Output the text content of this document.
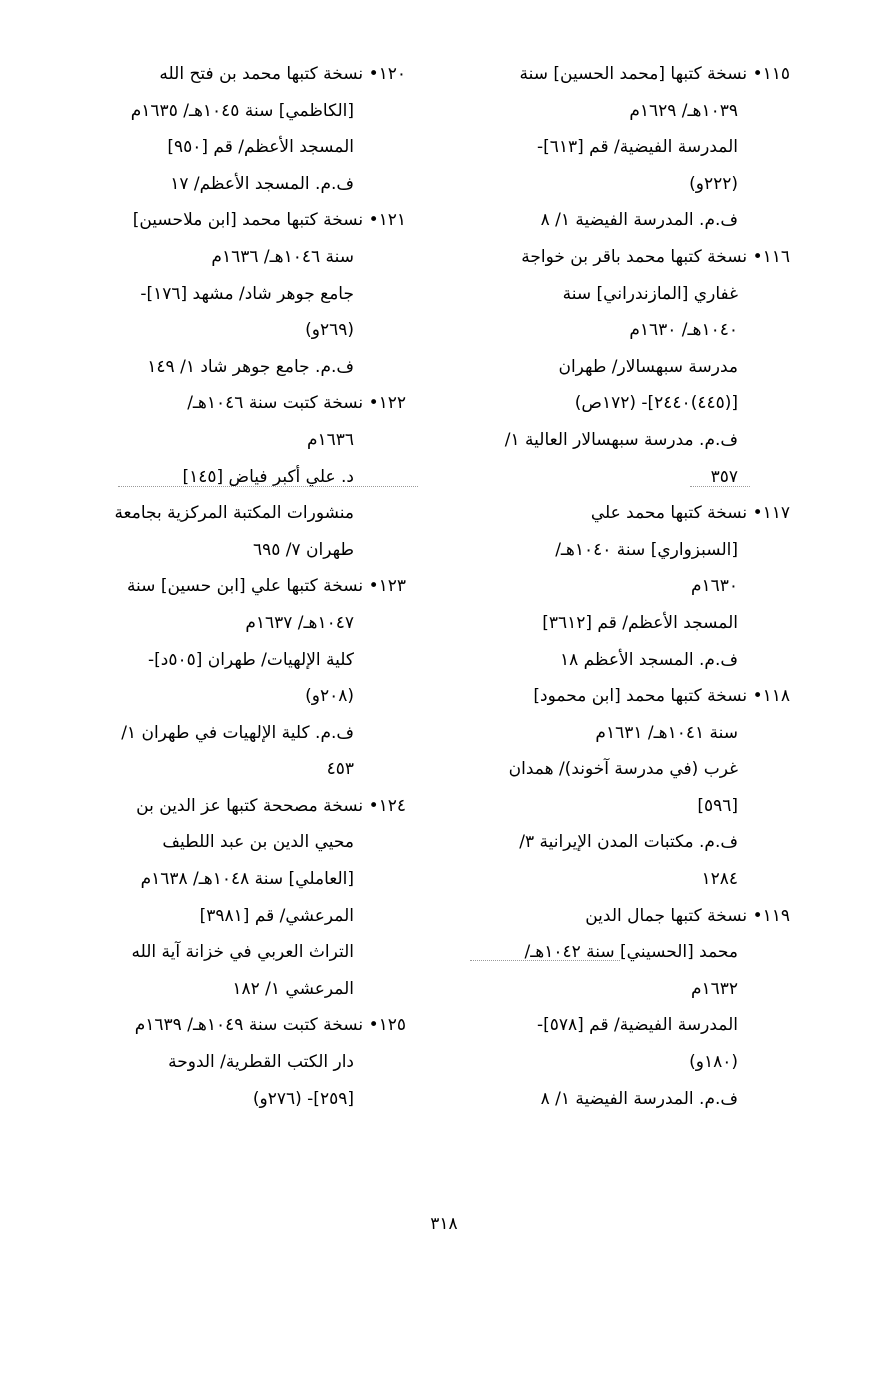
١١٥• نسخة كتبها [محمد الحسين] سنة
١٠٣٩هـ/ ١٦٢٩م
المدرسة الفيضية/ قم [٦١٣]-
(٢٢٢و)
ف.م. المدرسة الفيضية ١/ ٨
١١٦• نسخة كتبها محمد باقر بن خواجة
غفاري [المازندراني] سنة
١٠٤٠هـ/ ١٦٣٠م
مدرسة سبهسالار/ طهران
[(٤٤٥)٢٤٤٠]- (١٧٢ص)
ف.م. مدرسة سبهسالار العالية ١/
٣٥٧
١١٧• نسخة كتبها محمد علي
[السبزواري] سنة ١٠٤٠هـ/
١٦٣٠م
المسجد الأعظم/ قم [٣٦١٢]
ف.م. المسجد الأعظم ١٨
١١٨• نسخة كتبها محمد [ابن محمود]
سنة ١٠٤١هـ/ ١٦٣١م
غرب (في مدرسة آخوند)/ همدان
[٥٩٦]
ف.م. مكتبات المدن الإيرانية ٣/
١٢٨٤
١١٩• نسخة كتبها جمال الدين
محمد [الحسيني] سنة ١٠٤٢هـ/
١٦٣٢م
المدرسة الفيضية/ قم [٥٧٨]-
(١٨٠و)
ف.م. المدرسة الفيضية ١/ ٨
١٢٠• نسخة كتبها محمد بن فتح الله
[الكاظمي] سنة ١٠٤٥هـ/ ١٦٣٥م
المسجد الأعظم/ قم [٩٥٠]
ف.م. المسجد الأعظم/ ١٧
١٢١• نسخة كتبها محمد [ابن ملاحسين]
سنة ١٠٤٦هـ/ ١٦٣٦م
جامع جوهر شاد/ مشهد [١٧٦]-
(٢٦٩و)
ف.م. جامع جوهر شاد ١/ ١٤٩
١٢٢• نسخة كتبت سنة ١٠٤٦هـ/
١٦٣٦م
د. علي أكبر فياض [١٤٥]
منشورات المكتبة المركزية بجامعة
طهران ٧/ ٦٩٥
١٢٣• نسخة كتبها علي [ابن حسين] سنة
١٠٤٧هـ/ ١٦٣٧م
كلية الإلهيات/ طهران [٥٠٥د]-
(٢٠٨و)
ف.م. كلية الإلهيات في طهران ١/
٤٥٣
١٢٤• نسخة مصححة كتبها عز الدين بن
محيي الدين بن عبد اللطيف
[العاملي] سنة ١٠٤٨هـ/ ١٦٣٨م
المرعشي/ قم [٣٩٨١]
التراث العربي في خزانة آية الله
المرعشي ١/ ١٨٢
١٢٥• نسخة كتبت سنة ١٠٤٩هـ/ ١٦٣٩م
دار الكتب القطرية/ الدوحة
[٢٥٩]- (٢٧٦و)
٣١٨
